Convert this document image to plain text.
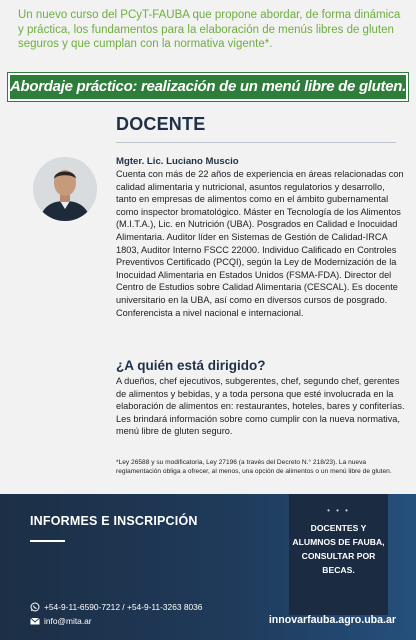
Un nuevo curso del PCyT-FAUBA que propone abordar, de forma dinámica y práctica, los fundamentos para la elaboración de menús libres de gluten seguros y que cumplan con la normativa vigente*.

Abordaje práctico: realización de un menú libre de gluten.
DOCENTE
Mgter. Lic. Luciano Muscio

Cuenta con más de 22 años de experiencia en áreas relacionadas con calidad alimentaria y nutricional, asuntos regulatorios y desarrollo, tanto en empresas de alimentos como en el ámbito gubernamental como inspector bromatológico. Máster en Tecnología de los Alimentos (M.I.T.A.), Lic. en Nutrición (UBA). Posgrados en Calidad e Inocuidad Alimentaria. Auditor líder en Sistemas de Gestión de Calidad-IRCA 1803, Auditor Interno FSCC 22000. Individuo Calificado en Controles Preventivos Certificado (PCQI), según la Ley de Modernización de la Inocuidad Alimentaria en Estados Unidos (FSMA-FDA). Director del Centro de Estudios sobre Calidad Alimentaria (CESCAL). Es docente universitario en la UBA, así como en diversos cursos de posgrado. Conferencista a nivel nacional e internacional.

¿A quién está dirigido?

A dueños, chef ejecutivos, subgerentes, chef, segundo chef, gerentes de alimentos y bebidas, y a toda persona que esté involucrada en la elaboración de alimentos en: restaurantes, hoteles, bares y confiterías. Les brindará información sobre como cumplir con la nueva normativa, menú libre de gluten seguro.

*Ley 26588 y su modificatoria, Ley 27196 (a través del Decreto N.° 218/23). La nueva reglamentación obliga a ofrecer, al menos, una opción de alimentos o un menú libre de gluten.

INFORMES E INSCRIPCIÓN
• • •
DOCENTES Y ALUMNOS DE FAUBA, CONSULTAR POR BECAS.
+54-9-11-6590-7212 / +54-9-11-3263 8036
info@mita.ar	innovarfauba.agro.uba.ar
